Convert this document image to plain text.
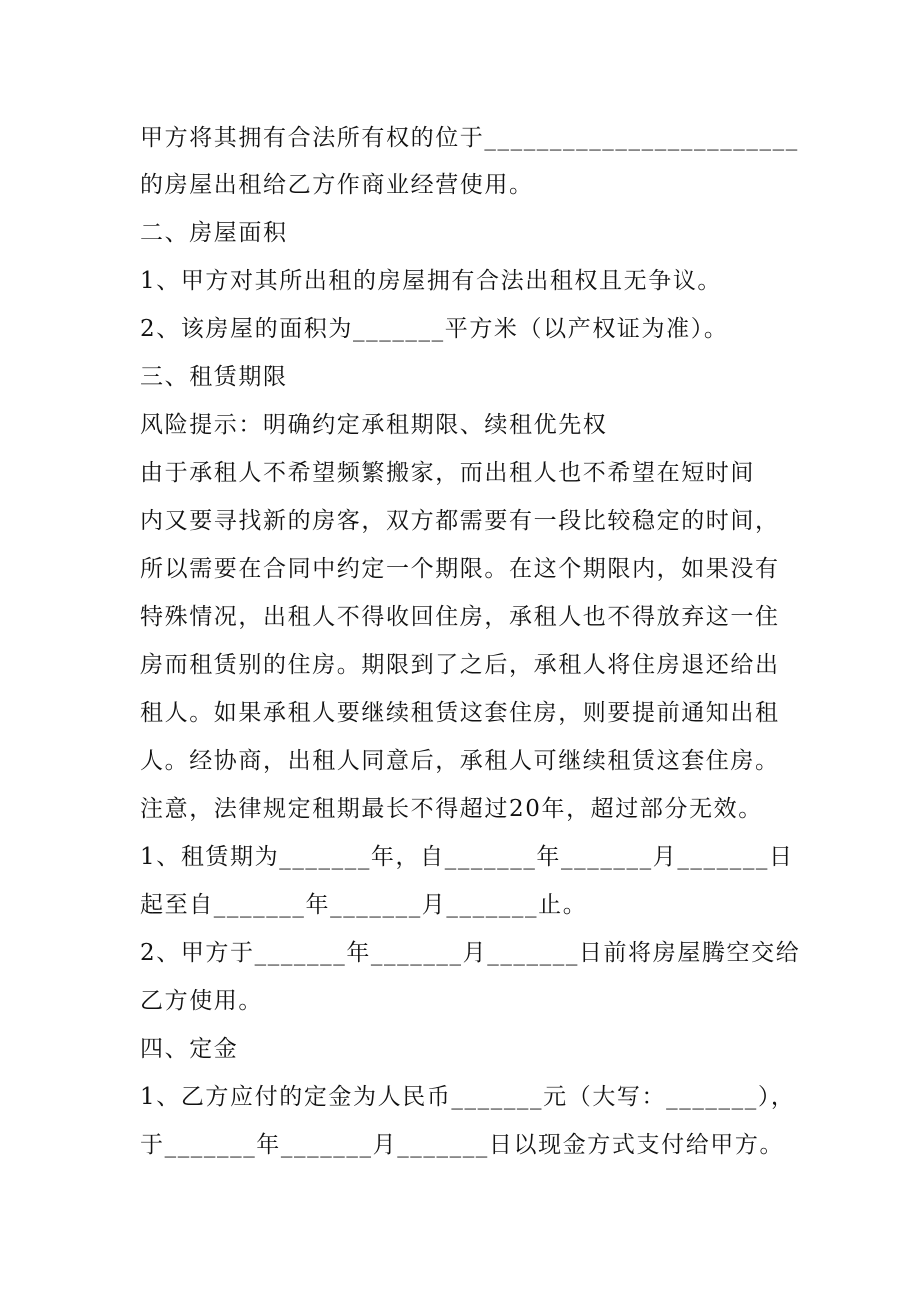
甲方将其拥有合法所有权的位于________________________
的房屋出租给乙方作商业经营使用。
二、房屋面积
1、甲方对其所出租的房屋拥有合法出租权且无争议。
2、该房屋的面积为_______平方米（以产权证为准）。
三、租赁期限
风险提示：明确约定承租期限、续租优先权
由于承租人不希望频繁搬家，而出租人也不希望在短时间
内又要寻找新的房客，双方都需要有一段比较稳定的时间，
所以需要在合同中约定一个期限。在这个期限内，如果没有
特殊情况，出租人不得收回住房，承租人也不得放弃这一住
房而租赁别的住房。期限到了之后，承租人将住房退还给出
租人。如果承租人要继续租赁这套住房，则要提前通知出租
人。经协商，出租人同意后，承租人可继续租赁这套住房。
注意，法律规定租期最长不得超过20年，超过部分无效。
1、租赁期为_______年，自_______年_______月_______日
起至自_______年_______月_______止。
2、甲方于_______年_______月_______日前将房屋腾空交给
乙方使用。
四、定金
1、乙方应付的定金为人民币_______元（大写：_______），
于_______年_______月_______日以现金方式支付给甲方。
